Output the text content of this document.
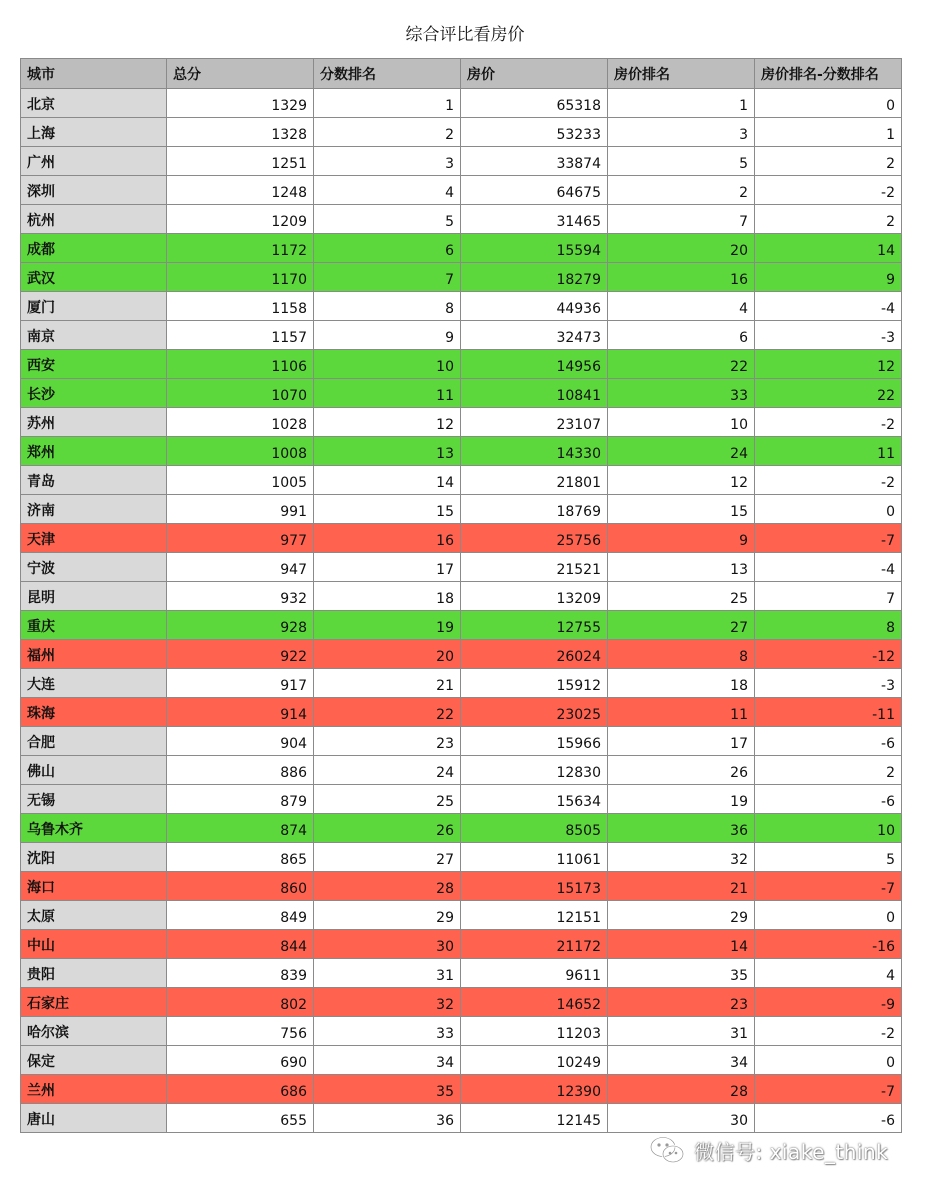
综合评比看房价
城市	总分	分数排名	房价	房价排名	房价排名-分数排名
北京	1329	1	65318	1	0
上海	1328	2	53233	3	1
广州	1251	3	33874	5	2
深圳	1248	4	64675	2	-2
杭州	1209	5	31465	7	2
成都	1172	6	15594	20	14
武汉	1170	7	18279	16	9
厦门	1158	8	44936	4	-4
南京	1157	9	32473	6	-3
西安	1106	10	14956	22	12
长沙	1070	11	10841	33	22
苏州	1028	12	23107	10	-2
郑州	1008	13	14330	24	11
青岛	1005	14	21801	12	-2
济南	991	15	18769	15	0
天津	977	16	25756	9	-7
宁波	947	17	21521	13	-4
昆明	932	18	13209	25	7
重庆	928	19	12755	27	8
福州	922	20	26024	8	-12
大连	917	21	15912	18	-3
珠海	914	22	23025	11	-11
合肥	904	23	15966	17	-6
佛山	886	24	12830	26	2
无锡	879	25	15634	19	-6
乌鲁木齐	874	26	8505	36	10
沈阳	865	27	11061	32	5
海口	860	28	15173	21	-7
太原	849	29	12151	29	0
中山	844	30	21172	14	-16
贵阳	839	31	9611	35	4
石家庄	802	32	14652	23	-9
哈尔滨	756	33	11203	31	-2
保定	690	34	10249	34	0
兰州	686	35	12390	28	-7
唐山	655	36	12145	30	-6
微信号: xiake_think
